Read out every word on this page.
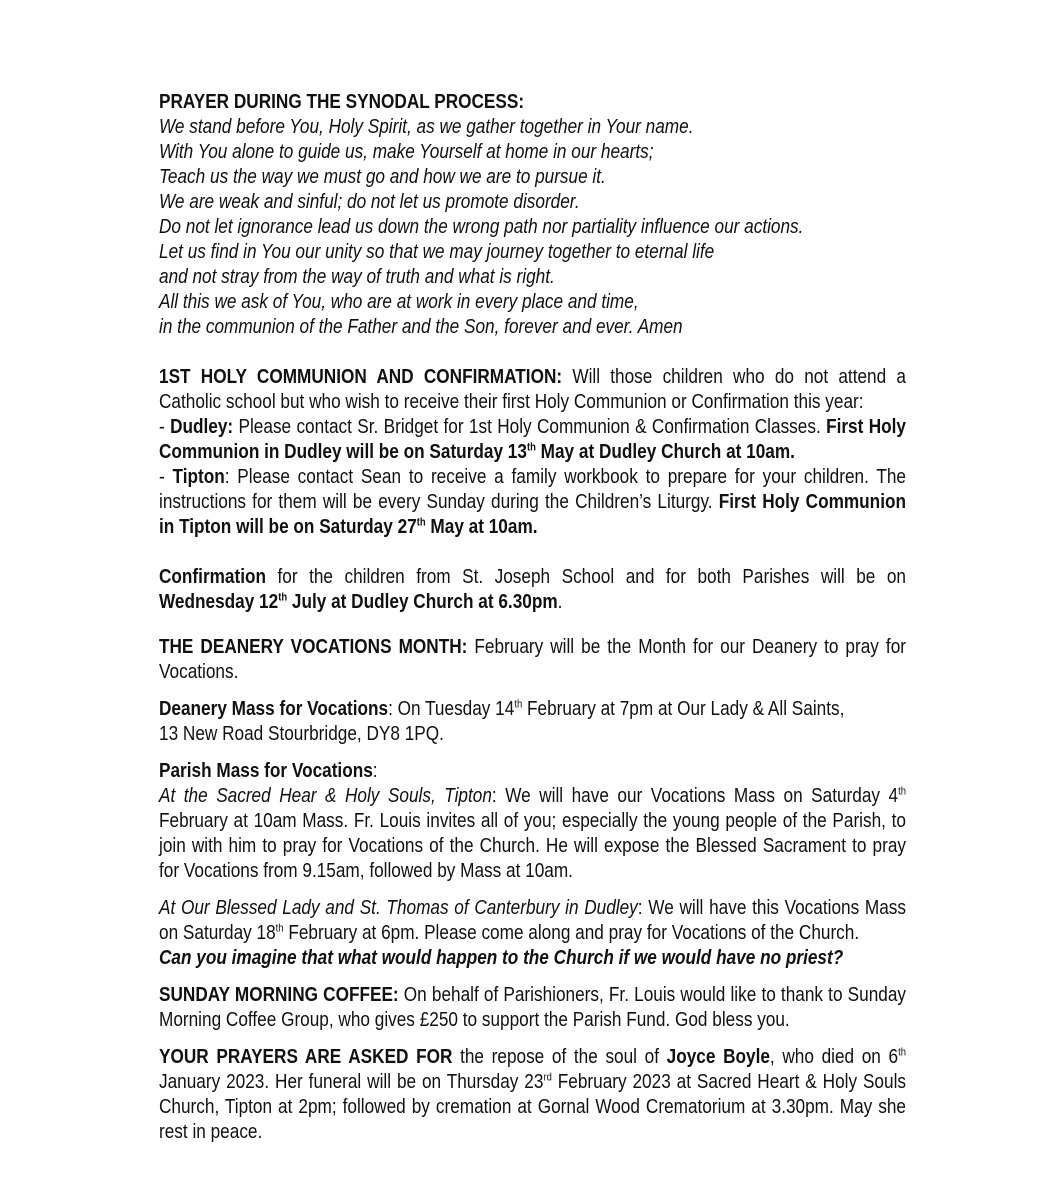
PRAYER DURING THE SYNODAL PROCESS:

We stand before You, Holy Spirit, as we gather together in Your name.

With You alone to guide us, make Yourself at home in our hearts;

Teach us the way we must go and how we are to pursue it.

We are weak and sinful; do not let us promote disorder.

Do not let ignorance lead us down the wrong path nor partiality influence our actions.

Let us find in You our unity so that we may journey together to eternal life

and not stray from the way of truth and what is right.

All this we ask of You, who are at work in every place and time,

in the communion of the Father and the Son, forever and ever. Amen

1ST HOLY COMMUNION AND CONFIRMATION: Will those children who do not attend a Catholic school but who wish to receive their first Holy Communion or Confirmation this year:

- Dudley: Please contact Sr. Bridget for 1st Holy Communion & Confirmation Classes. First Holy Communion in Dudley will be on Saturday 13th May at Dudley Church at 10am.

- Tipton: Please contact Sean to receive a family workbook to prepare for your children. The instructions for them will be every Sunday during the Children’s Liturgy. First Holy Communion in Tipton will be on Saturday 27th May at 10am.

Confirmation for the children from St. Joseph School and for both Parishes will be on Wednesday 12th July at Dudley Church at 6.30pm.

THE DEANERY VOCATIONS MONTH: February will be the Month for our Deanery to pray for Vocations.

Deanery Mass for Vocations: On Tuesday 14th February at 7pm at Our Lady & All Saints,
13 New Road Stourbridge, DY8 1PQ.

Parish Mass for Vocations:

At the Sacred Hear & Holy Souls, Tipton: We will have our Vocations Mass on Saturday 4th February at 10am Mass. Fr. Louis invites all of you; especially the young people of the Parish, to join with him to pray for Vocations of the Church. He will expose the Blessed Sacrament to pray for Vocations from 9.15am, followed by Mass at 10am.

At Our Blessed Lady and St. Thomas of Canterbury in Dudley: We will have this Vocations Mass on Saturday 18th February at 6pm. Please come along and pray for Vocations of the Church.

Can you imagine that what would happen to the Church if we would have no priest?

SUNDAY MORNING COFFEE: On behalf of Parishioners, Fr. Louis would like to thank to Sunday Morning Coffee Group, who gives £250 to support the Parish Fund. God bless you.

YOUR PRAYERS ARE ASKED FOR the repose of the soul of Joyce Boyle, who died on 6th January 2023. Her funeral will be on Thursday 23rd February 2023 at Sacred Heart & Holy Souls Church, Tipton at 2pm; followed by cremation at Gornal Wood Crematorium at 3.30pm. May she rest in peace.
